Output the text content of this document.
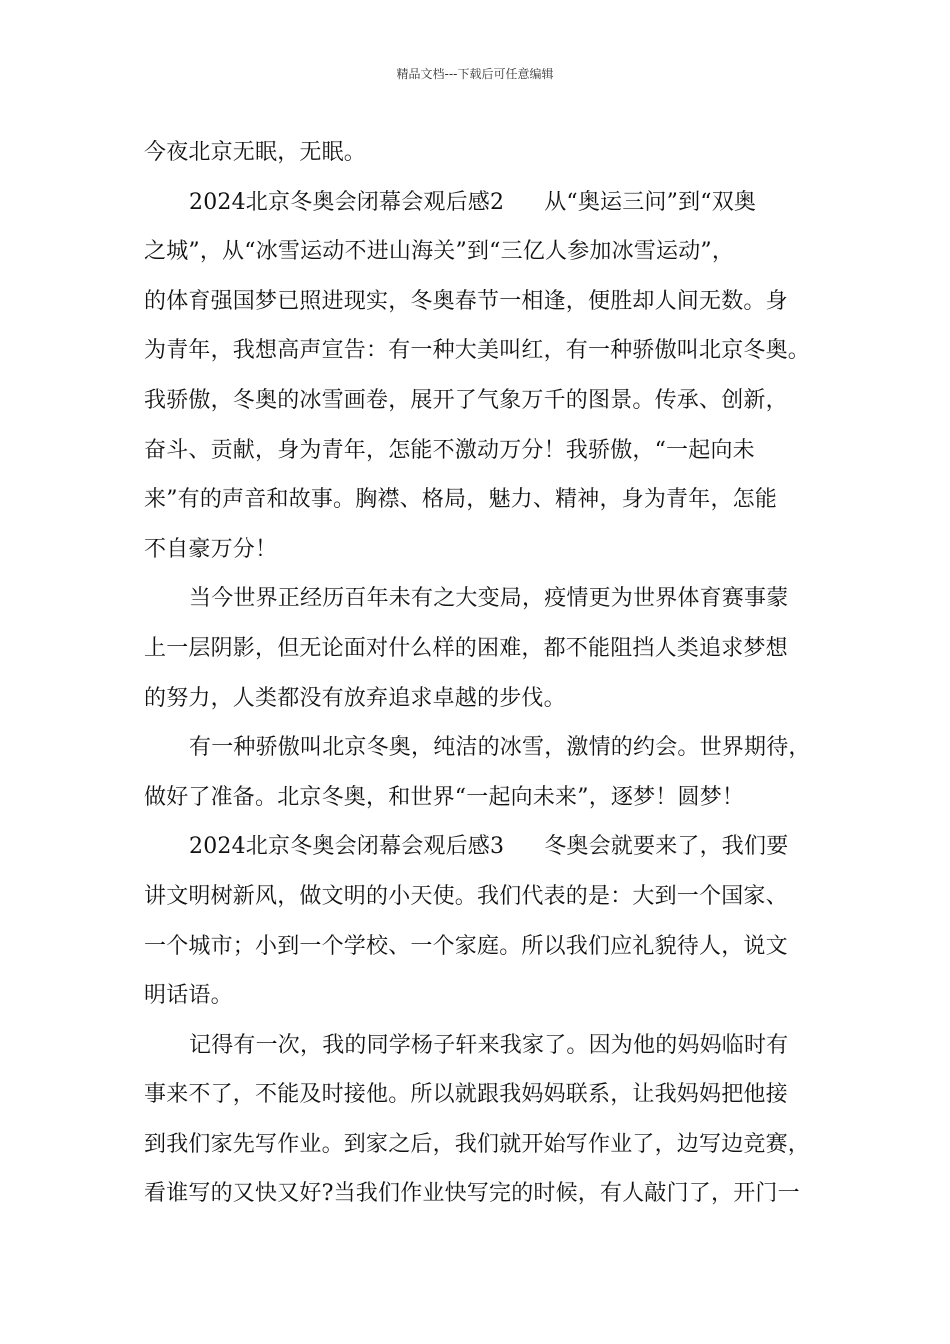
精品文档---下载后可任意编辑
今夜北京无眠，无眠。
2024北京冬奥会闭幕会观后感2 从“奥运三问”到“双奥
之城”，从“冰雪运动不进山海关”到“三亿人参加冰雪运动”，
的体育强国梦已照进现实，冬奥春节一相逢，便胜却人间无数。身
为青年，我想高声宣告：有一种大美叫红，有一种骄傲叫北京冬奥。
我骄傲，冬奥的冰雪画卷，展开了气象万千的图景。传承、创新，
奋斗、贡献，身为青年，怎能不激动万分！我骄傲，“一起向未
来”有的声音和故事。胸襟、格局，魅力、精神，身为青年，怎能
不自豪万分！
当今世界正经历百年未有之大变局，疫情更为世界体育赛事蒙
上一层阴影，但无论面对什么样的困难，都不能阻挡人类追求梦想
的努力，人类都没有放弃追求卓越的步伐。
有一种骄傲叫北京冬奥，纯洁的冰雪，激情的约会。世界期待，
做好了准备。北京冬奥，和世界“一起向未来”，逐梦！圆梦！
2024北京冬奥会闭幕会观后感3 冬奥会就要来了，我们要
讲文明树新风，做文明的小天使。我们代表的是：大到一个国家、
一个城市；小到一个学校、一个家庭。所以我们应礼貌待人，说文
明话语。
记得有一次，我的同学杨子轩来我家了。因为他的妈妈临时有
事来不了，不能及时接他。所以就跟我妈妈联系，让我妈妈把他接
到我们家先写作业。到家之后，我们就开始写作业了，边写边竞赛，
看谁写的又快又好?当我们作业快写完的时候，有人敲门了，开门一
